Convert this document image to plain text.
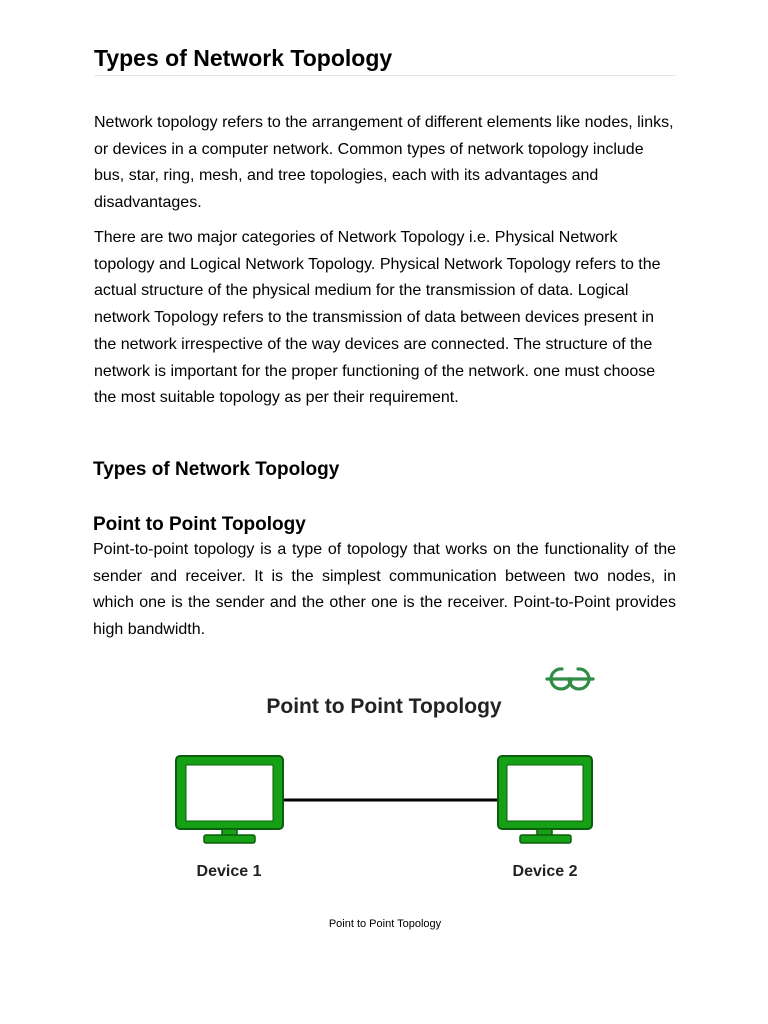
Types of Network Topology

Network topology refers to the arrangement of different elements like nodes, links, or devices in a computer network. Common types of network topology include bus, star, ring, mesh, and tree topologies, each with its advantages and disadvantages.

There are two major categories of Network Topology i.e. Physical Network topology and Logical Network Topology. Physical Network Topology refers to the actual structure of the physical medium for the transmission of data. Logical network Topology refers to the transmission of data between devices present in the network irrespective of the way devices are connected. The structure of the network is important for the proper functioning of the network. one must choose the most suitable topology as per their requirement.

Types of Network Topology
Point to Point Topology

Point-to-point topology is a type of topology that works on the functionality of the sender and receiver. It is the simplest communication between two nodes, in which one is the sender and the other one is the receiver. Point-to-Point provides high bandwidth.

Point to Point Topology
Device 1	Device 2

Point to Point Topology
